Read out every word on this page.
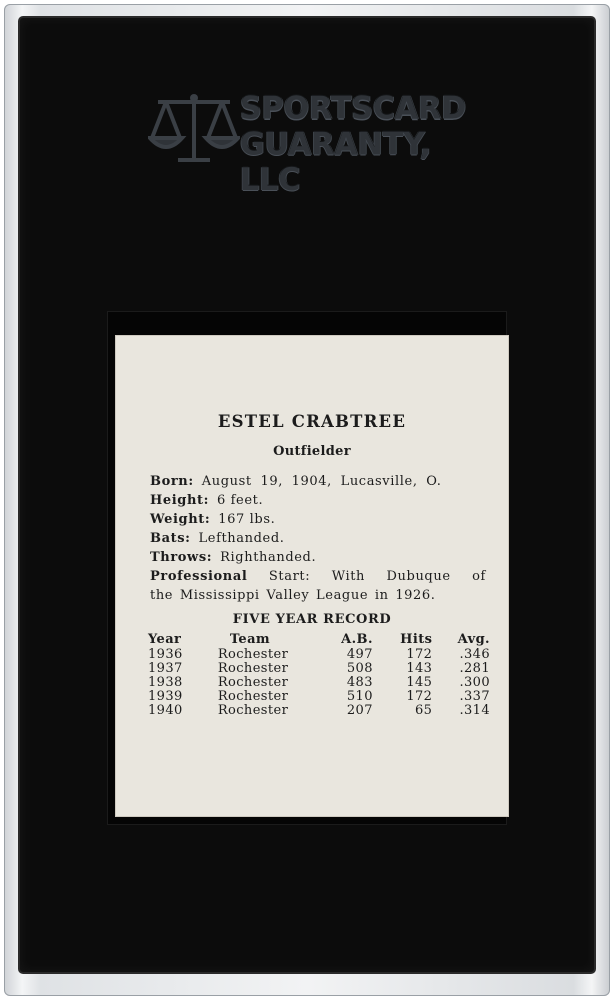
SPORTSCARD
GUARANTY, LLC
ESTEL CRABTREE
Outfielder
Born: August 19, 1904, Lucasville, O.
Height: 6 feet.
Weight: 167 lbs.
Bats: Lefthanded.
Throws: Righthanded.
Professional Start: With Dubuque of
the Mississippi Valley League in 1926.
FIVE YEAR RECORD
Year	Team	A.B.	Hits	Avg.
1936	Rochester	497	172	.346
1937	Rochester	508	143	.281
1938	Rochester	483	145	.300
1939	Rochester	510	172	.337
1940	Rochester	207	65	.314
